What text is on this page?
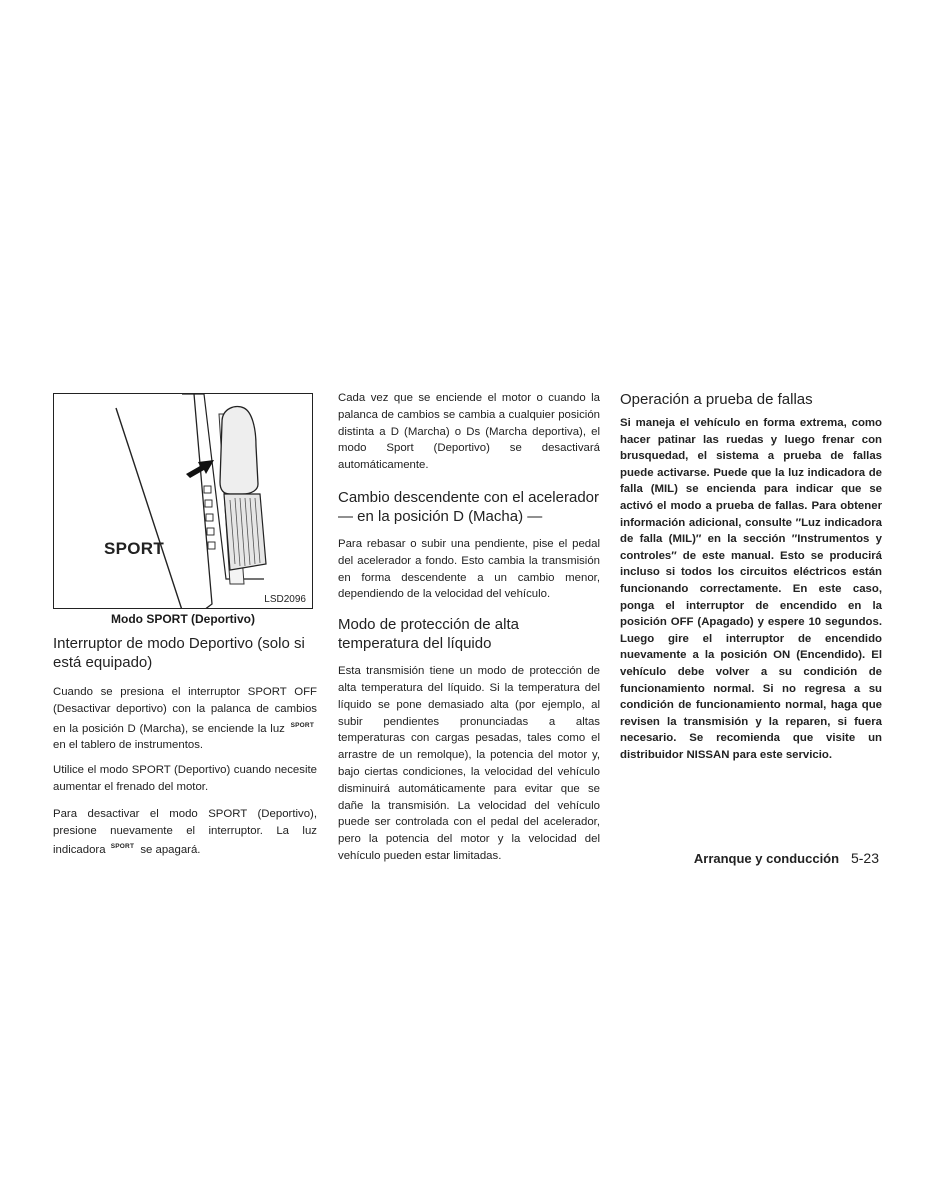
SPORT
LSD2096
Modo SPORT (Deportivo)
Interruptor de modo Deportivo (solo si está equipado)

Cuando se presiona el interruptor SPORT OFF (Desactivar deportivo) con la palanca de cambios en la posición D (Marcha), se enciende la luz $^{SPORT}$ en el tablero de instrumentos.

Utilice el modo SPORT (Deportivo) cuando necesite aumentar el frenado del motor.

Para desactivar el modo SPORT (Deportivo), presione nuevamente el interruptor. La luz indicadora $^{SPORT}$ se apagará.

Cada vez que se enciende el motor o cuando la palanca de cambios se cambia a cualquier posición distinta a D (Marcha) o Ds (Marcha deportiva), el modo Sport (Deportivo) se desactivará automáticamente.

Cambio descendente con el acelerador
— en la posición D (Macha) —

Para rebasar o subir una pendiente, pise el pedal del acelerador a fondo. Esto cambia la transmisión en forma descendente a un cambio menor, dependiendo de la velocidad del vehículo.

Modo de protección de alta temperatura del líquido

Esta transmisión tiene un modo de protección de alta temperatura del líquido. Si la temperatura del líquido se pone demasiado alta (por ejemplo, al subir pendientes pronunciadas a altas temperaturas con cargas pesadas, tales como el arrastre de un remolque), la potencia del motor y, bajo ciertas condiciones, la velocidad del vehículo disminuirá automáticamente para evitar que se dañe la transmisión. La velocidad del vehículo puede ser controlada con el pedal del acelerador, pero la potencia del motor y la velocidad del vehículo pueden estar limitadas.

Operación a prueba de fallas

Si maneja el vehículo en forma extrema, como hacer patinar las ruedas y luego frenar con brusquedad, el sistema a prueba de fallas puede activarse. Puede que la luz indicadora de falla (MIL) se encienda para indicar que se activó el modo a prueba de fallas. Para obtener información adicional, consulte ″Luz indicadora de falla (MIL)″ en la sección ″Instrumentos y controles″ de este manual. Esto se producirá incluso si todos los circuitos eléctricos están funcionando correctamente. En este caso, ponga el interruptor de encendido en la posición OFF (Apagado) y espere 10 segundos. Luego gire el interruptor de encendido nuevamente a la posición ON (Encendido). El vehículo debe volver a su condición de funcionamiento normal. Si no regresa a su condición de funcionamiento normal, haga que revisen la transmisión y la reparen, si fuera necesario. Se recomienda que visite un distribuidor NISSAN para este servicio.

Arranque y conducción 5-23
